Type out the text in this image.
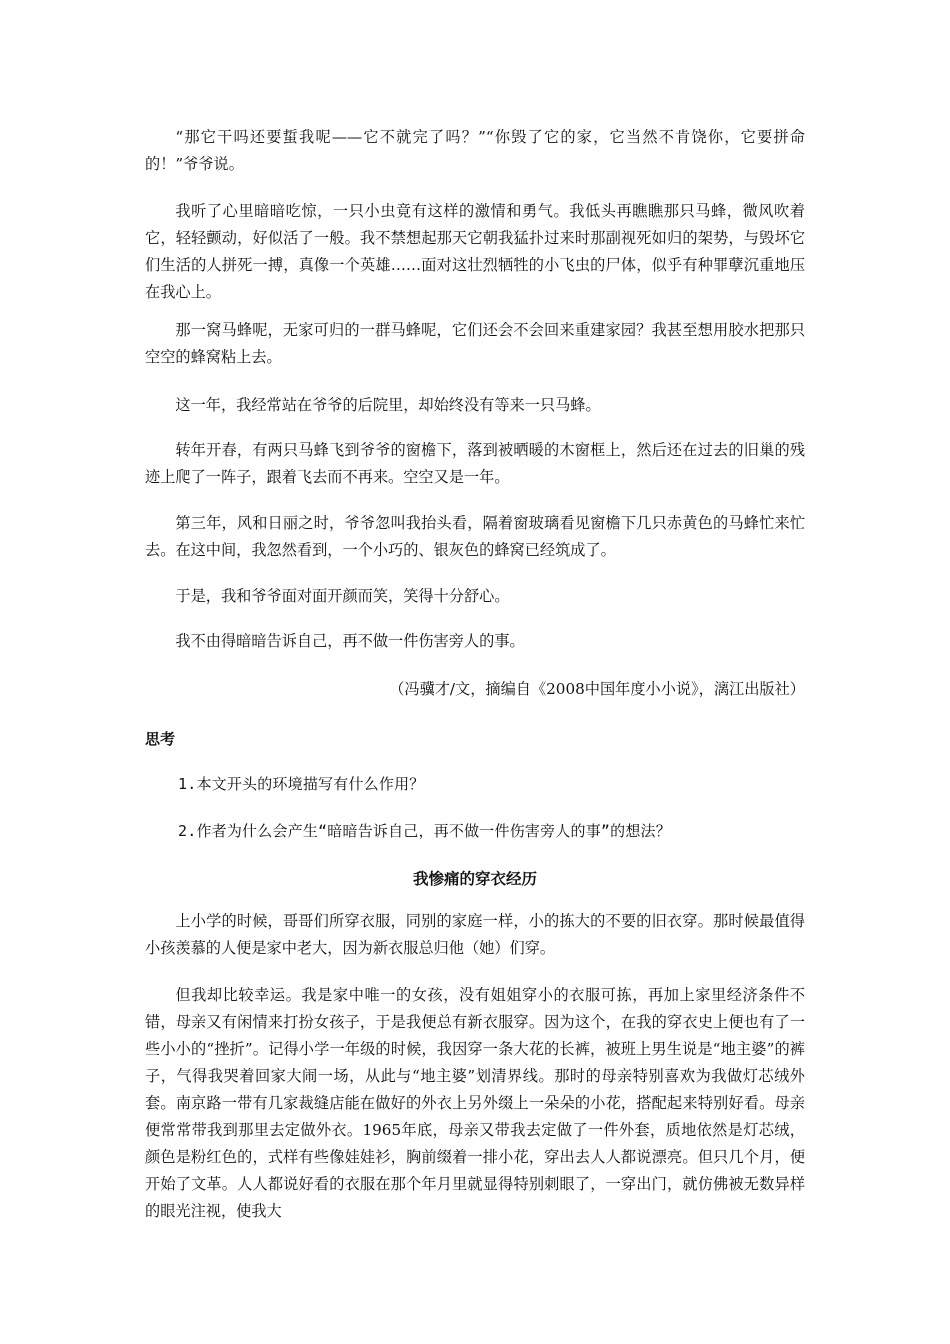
“那它干吗还要蜇我呢——它不就完了吗？”“你毁了它的家，它当然不肯饶你，它要拼命的！”爷爷说。

我听了心里暗暗吃惊，一只小虫竟有这样的激情和勇气。我低头再瞧瞧那只马蜂，微风吹着它，轻轻颤动，好似活了一般。我不禁想起那天它朝我猛扑过来时那副视死如归的架势，与毁坏它们生活的人拼死一搏，真像一个英雄……面对这壮烈牺牲的小飞虫的尸体，似乎有种罪孽沉重地压在我心上。

那一窝马蜂呢，无家可归的一群马蜂呢，它们还会不会回来重建家园？我甚至想用胶水把那只空空的蜂窝粘上去。

这一年，我经常站在爷爷的后院里，却始终没有等来一只马蜂。

转年开春，有两只马蜂飞到爷爷的窗檐下，落到被晒暖的木窗框上，然后还在过去的旧巢的残迹上爬了一阵子，跟着飞去而不再来。空空又是一年。

第三年，风和日丽之时，爷爷忽叫我抬头看，隔着窗玻璃看见窗檐下几只赤黄色的马蜂忙来忙去。在这中间，我忽然看到，一个小巧的、银灰色的蜂窝已经筑成了。

于是，我和爷爷面对面开颜而笑，笑得十分舒心。

我不由得暗暗告诉自己，再不做一件伤害旁人的事。

（冯骥才/文，摘编自《2008中国年度小小说》，漓江出版社）

思考

1.本文开头的环境描写有什么作用？

2.作者为什么会产生“暗暗告诉自己，再不做一件伤害旁人的事”的想法？

我惨痛的穿衣经历

上小学的时候，哥哥们所穿衣服，同别的家庭一样，小的拣大的不要的旧衣穿。那时候最值得小孩羡慕的人便是家中老大，因为新衣服总归他（她）们穿。

但我却比较幸运。我是家中唯一的女孩，没有姐姐穿小的衣服可拣，再加上家里经济条件不错，母亲又有闲情来打扮女孩子，于是我便总有新衣服穿。因为这个，在我的穿衣史上便也有了一些小小的“挫折”。记得小学一年级的时候，我因穿一条大花的长裤，被班上男生说是“地主婆”的裤子，气得我哭着回家大闹一场，从此与“地主婆”划清界线。那时的母亲特别喜欢为我做灯芯绒外套。南京路一带有几家裁缝店能在做好的外衣上另外缀上一朵朵的小花，搭配起来特别好看。母亲便常常带我到那里去定做外衣。1965年底，母亲又带我去定做了一件外套，质地依然是灯芯绒，颜色是粉红色的，式样有些像娃娃衫，胸前缀着一排小花，穿出去人人都说漂亮。但只几个月，便开始了文革。人人都说好看的衣服在那个年月里就显得特别刺眼了，一穿出门，就仿佛被无数异样的眼光注视，使我大
